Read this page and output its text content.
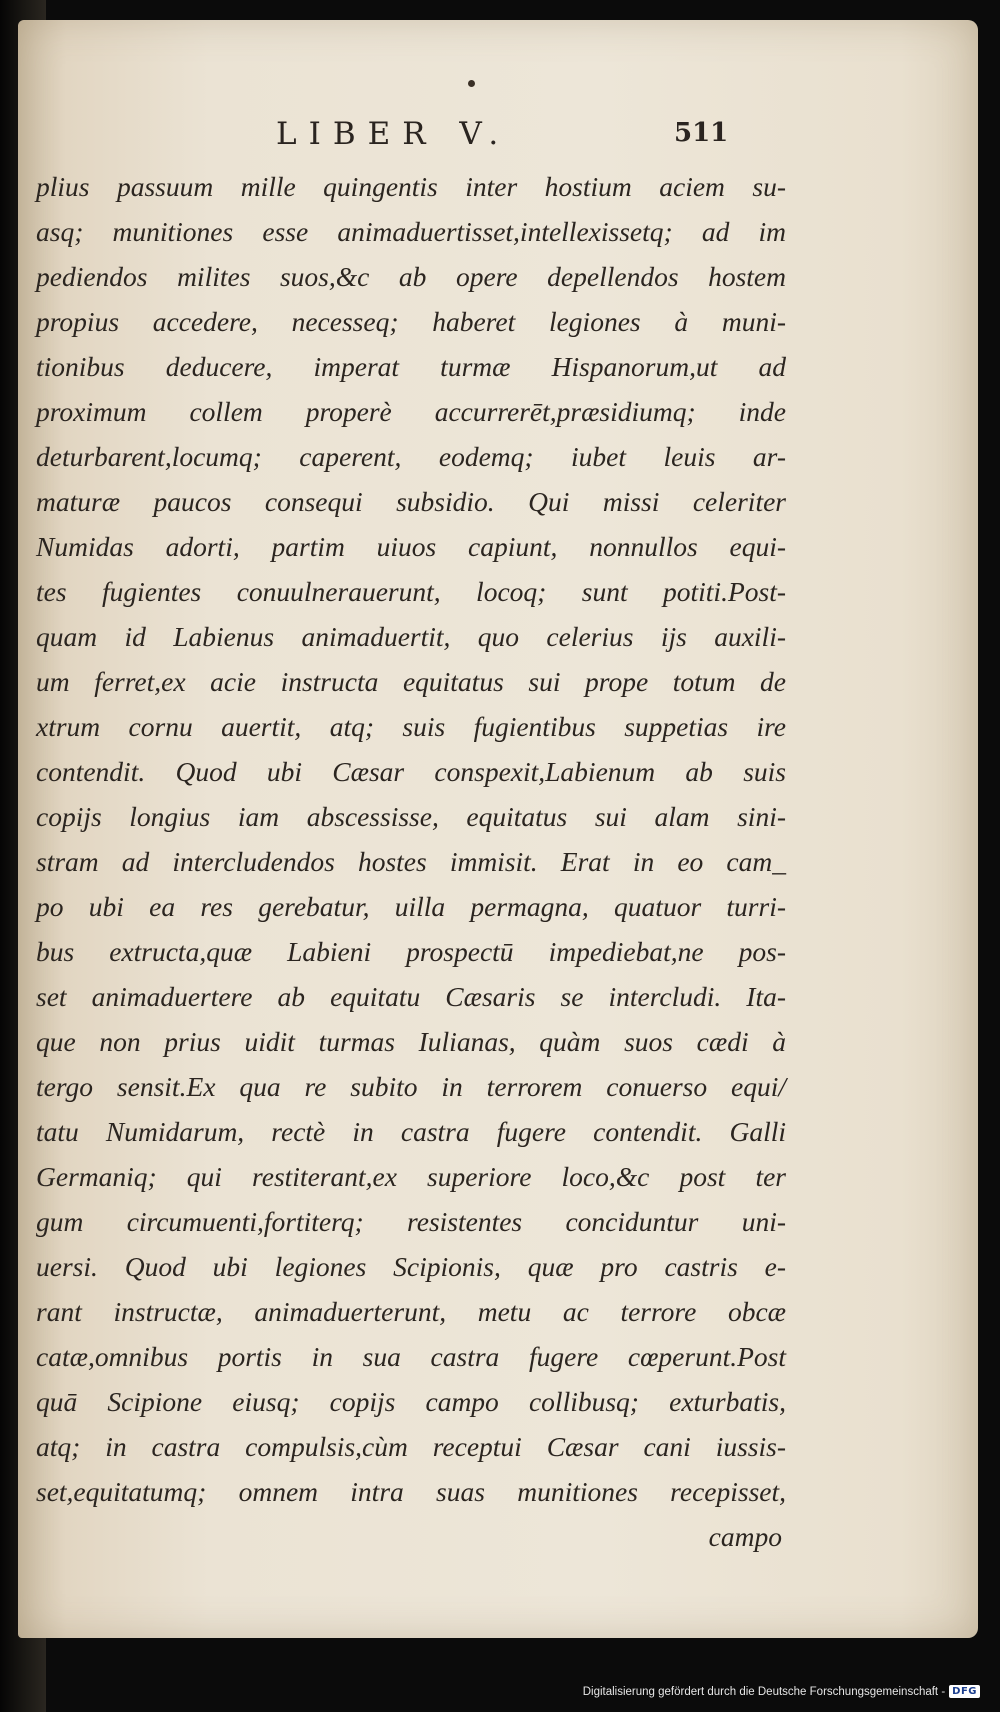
LIBER V.	511
plius passuum mille quingentis inter hostium aciem su-
asq; munitiones esse animaduertisset,intellexissetq; ad im
pediendos milites suos,&c ab opere depellendos hostem
propius accedere, necesseq; haberet legiones à muni-
tionibus deducere, imperat turmæ Hispanorum,ut ad
proximum collem properè accurrerēt,præsidiumq; inde
deturbarent,locumq; caperent, eodemq; iubet leuis ar-
maturæ paucos consequi subsidio. Qui missi celeriter
Numidas adorti, partim uiuos capiunt, nonnullos equi-
tes fugientes conuulnerauerunt, locoq; sunt potiti.Post-
quam id Labienus animaduertit, quo celerius ijs auxili-
um ferret,ex acie instructa equitatus sui prope totum de
xtrum cornu auertit, atq; suis fugientibus suppetias ire
contendit. Quod ubi Cæsar conspexit,Labienum ab suis
copijs longius iam abscessisse, equitatus sui alam sini-
stram ad intercludendos hostes immisit. Erat in eo cam_
po ubi ea res gerebatur, uilla permagna, quatuor turri-
bus extructa,quæ Labieni prospectū impediebat,ne pos-
set animaduertere ab equitatu Cæsaris se intercludi. Ita-
que non prius uidit turmas Iulianas, quàm suos cædi à
tergo sensit.Ex qua re subito in terrorem conuerso equi/
tatu Numidarum, rectè in castra fugere contendit. Galli
Germaniq; qui restiterant,ex superiore loco,&c post ter
gum circumuenti,fortiterq; resistentes conciduntur uni-
uersi. Quod ubi legiones Scipionis, quæ pro castris e-
rant instructæ, animaduerterunt, metu ac terrore obcæ
catæ,omnibus portis in sua castra fugere cœperunt.Post
quā Scipione eiusq; copijs campo collibusq; exturbatis,
atq; in castra compulsis,cùm receptui Cæsar cani iussis-
set,equitatumq; omnem intra suas munitiones recepisset,
campo
Digitalisierung gefördert durch die Deutsche Forschungsgemeinschaft - DFG
